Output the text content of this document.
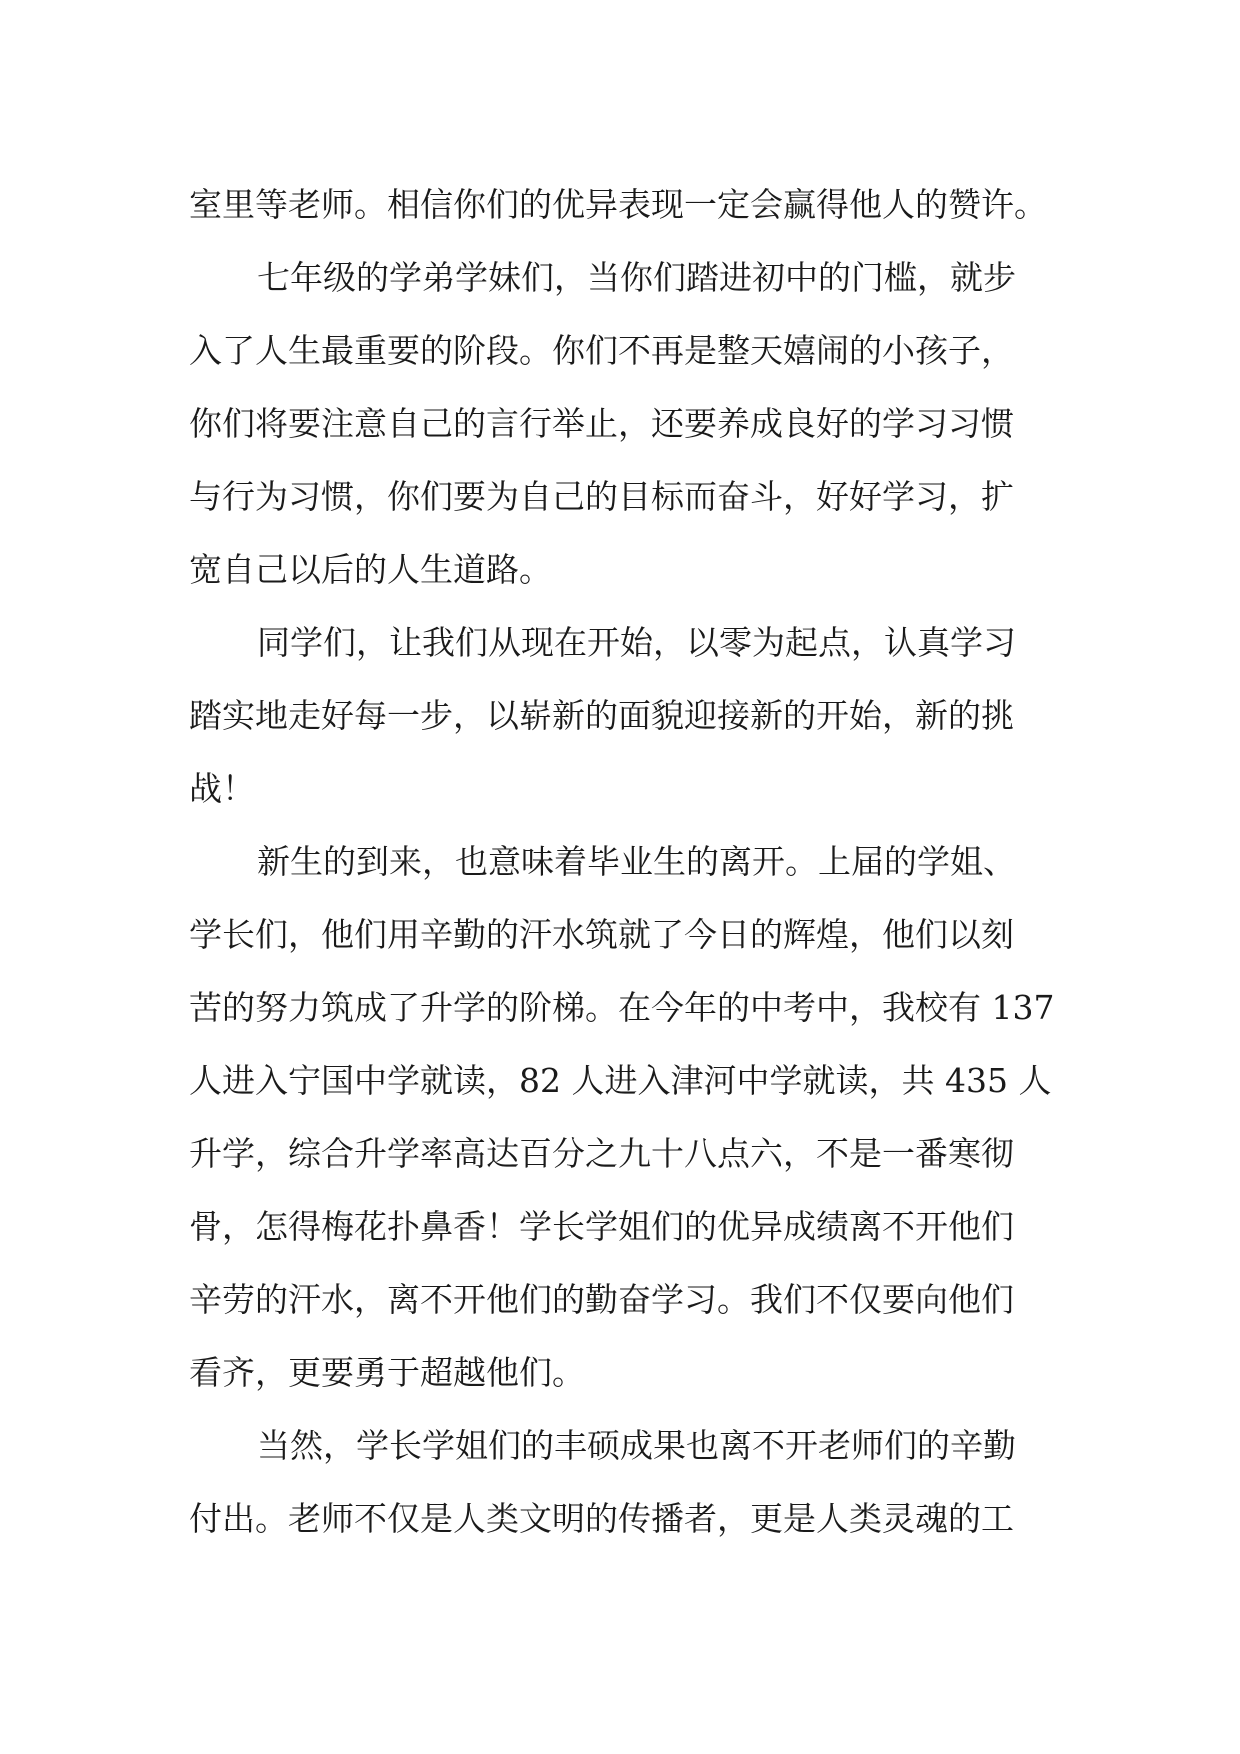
室里等老师。相信你们的优异表现一定会赢得他人的赞许。
七年级的学弟学妹们，当你们踏进初中的门槛，就步
入了人生最重要的阶段。你们不再是整天嬉闹的小孩子，
你们将要注意自己的言行举止，还要养成良好的学习习惯
与行为习惯，你们要为自己的目标而奋斗，好好学习，扩
宽自己以后的人生道路。
同学们，让我们从现在开始，以零为起点，认真学习
踏实地走好每一步，以崭新的面貌迎接新的开始，新的挑
战！
新生的到来，也意味着毕业生的离开。上届的学姐、
学长们，他们用辛勤的汗水筑就了今日的辉煌，他们以刻
苦的努力筑成了升学的阶梯。在今年的中考中，我校有 137
人进入宁国中学就读，82 人进入津河中学就读，共 435 人
升学，综合升学率高达百分之九十八点六，不是一番寒彻
骨，怎得梅花扑鼻香！学长学姐们的优异成绩离不开他们
辛劳的汗水，离不开他们的勤奋学习。我们不仅要向他们
看齐，更要勇于超越他们。
当然，学长学姐们的丰硕成果也离不开老师们的辛勤
付出。老师不仅是人类文明的传播者，更是人类灵魂的工
